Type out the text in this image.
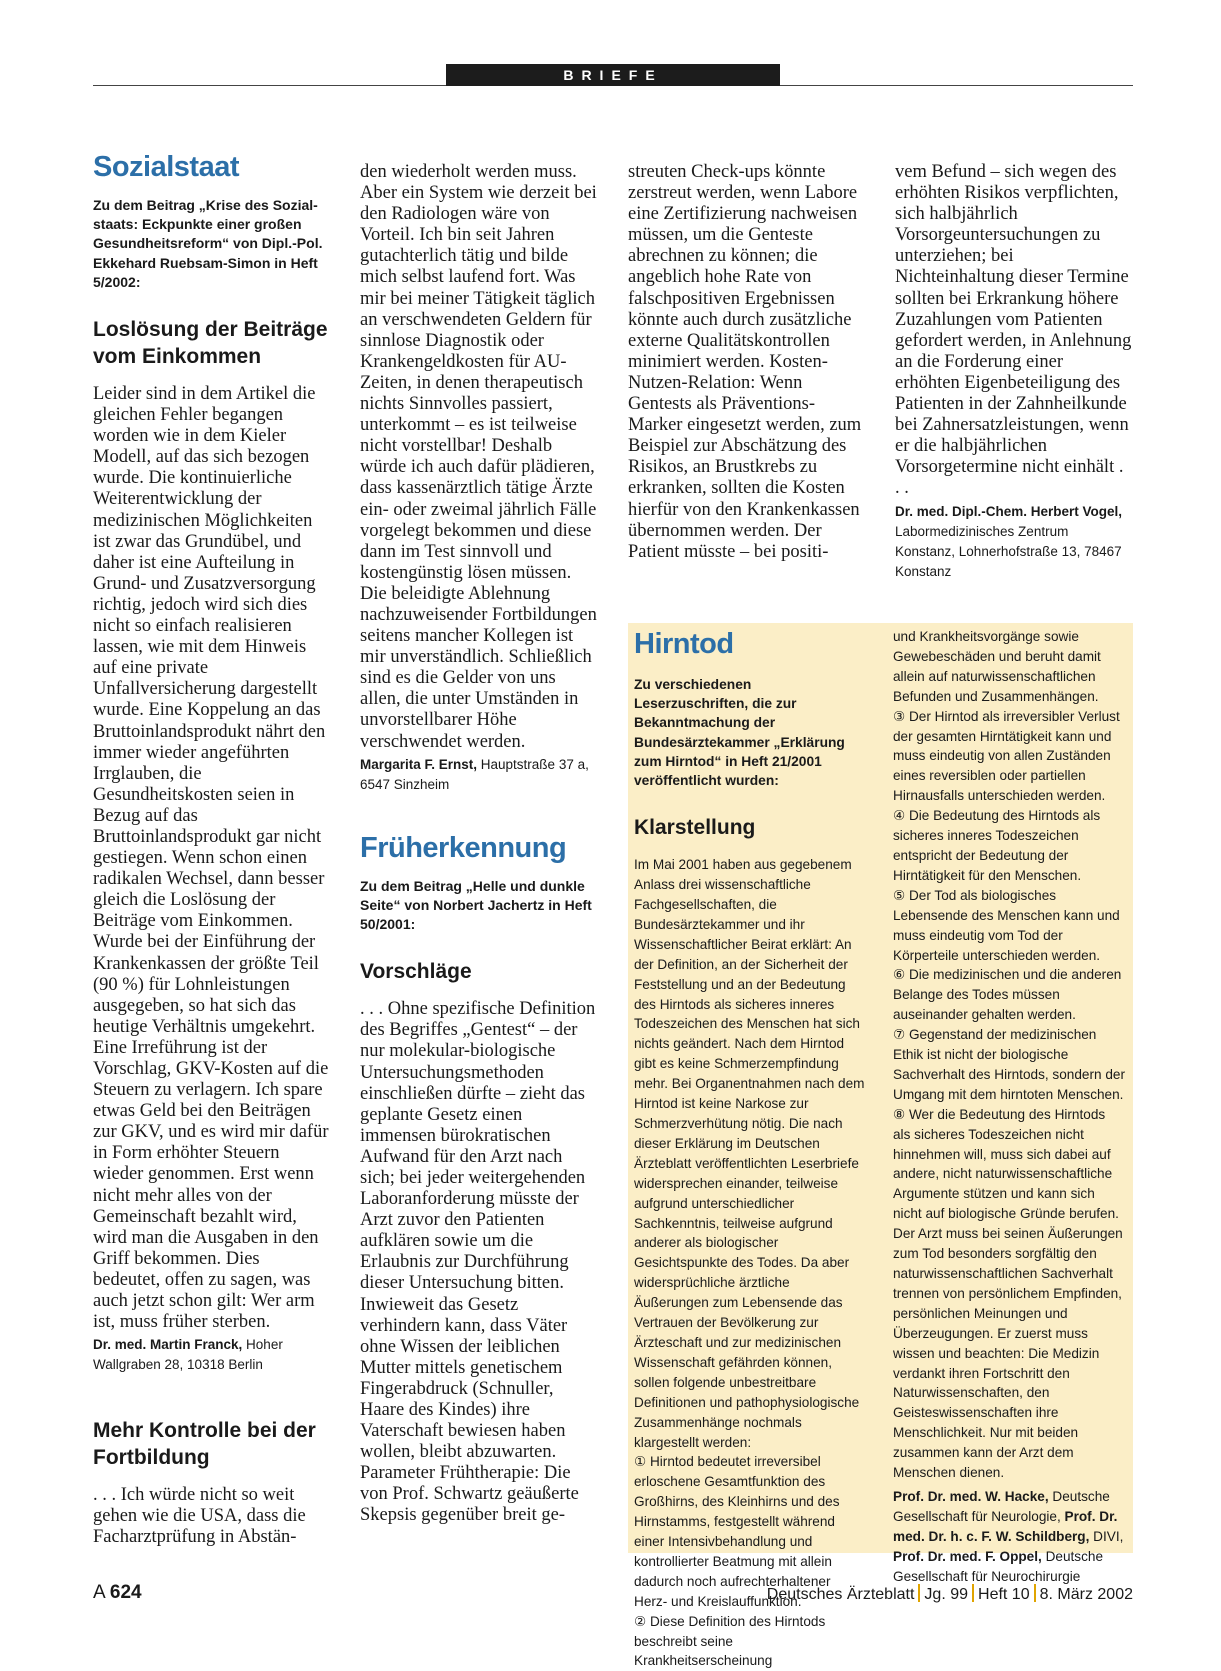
BRIEFE
Sozialstaat

Zu dem Beitrag „Krise des Sozialstaats: Eckpunkte einer großen Gesundheitsreform“ von Dipl.-Pol. Ekkehard Ruebsam-Simon in Heft 5/2002:

Loslösung der Beiträge vom Einkommen

Leider sind in dem Artikel die gleichen Fehler begangen worden wie in dem Kieler Modell, auf das sich bezogen wurde. Die kontinuierliche Weiterentwicklung der medizinischen Möglichkeiten ist zwar das Grundübel, und daher ist eine Aufteilung in Grund- und Zusatzversorgung richtig, jedoch wird sich dies nicht so einfach realisieren lassen, wie mit dem Hinweis auf eine private Unfallversicherung dargestellt wurde. Eine Koppelung an das Bruttoinlandsprodukt nährt den immer wieder angeführten Irrglauben, die Gesundheitskosten seien in Bezug auf das Bruttoinlandsprodukt gar nicht gestiegen. Wenn schon einen radikalen Wechsel, dann besser gleich die Loslösung der Beiträge vom Einkommen. Wurde bei der Einführung der Krankenkassen der größte Teil (90 %) für Lohnleistungen ausgegeben, so hat sich das heutige Verhältnis umgekehrt. Eine Irreführung ist der Vorschlag, GKV-Kosten auf die Steuern zu verlagern. Ich spare etwas Geld bei den Beiträgen zur GKV, und es wird mir dafür in Form erhöhter Steuern wieder genommen. Erst wenn nicht mehr alles von der Gemeinschaft bezahlt wird, wird man die Ausgaben in den Griff bekommen. Dies bedeutet, offen zu sagen, was auch jetzt schon gilt: Wer arm ist, muss früher sterben.

Dr. med. Martin Franck, Hoher Wallgraben 28, 10318 Berlin

Mehr Kontrolle bei der Fortbildung

. . . Ich würde nicht so weit gehen wie die USA, dass die Facharztprüfung in Abstän-

den wiederholt werden muss. Aber ein System wie derzeit bei den Radiologen wäre von Vorteil. Ich bin seit Jahren gutachterlich tätig und bilde mich selbst laufend fort. Was mir bei meiner Tätigkeit täglich an verschwendeten Geldern für sinnlose Diagnostik oder Krankengeldkosten für AU-Zeiten, in denen therapeutisch nichts Sinnvolles passiert, unterkommt – es ist teilweise nicht vorstellbar! Deshalb würde ich auch dafür plädieren, dass kassenärztlich tätige Ärzte ein- oder zweimal jährlich Fälle vorgelegt bekommen und diese dann im Test sinnvoll und kostengünstig lösen müssen. Die beleidigte Ablehnung nachzuweisender Fortbildungen seitens mancher Kollegen ist mir unverständlich. Schließlich sind es die Gelder von uns allen, die unter Umständen in unvorstellbarer Höhe verschwendet werden.

Margarita F. Ernst, Hauptstraße 37 a, 6547 Sinzheim

Früherkennung

Zu dem Beitrag „Helle und dunkle Seite“ von Norbert Jachertz in Heft 50/2001:

Vorschläge

. . . Ohne spezifische Definition des Begriffes „Gentest“ – der nur molekular-biologische Untersuchungsmethoden einschließen dürfte – zieht das geplante Gesetz einen immensen bürokratischen Aufwand für den Arzt nach sich; bei jeder weitergehenden Laboranforderung müsste der Arzt zuvor den Patienten aufklären sowie um die Erlaubnis zur Durchführung dieser Untersuchung bitten. Inwieweit das Gesetz verhindern kann, dass Väter ohne Wissen der leiblichen Mutter mittels genetischem Fingerabdruck (Schnuller, Haare des Kindes) ihre Vaterschaft bewiesen haben wollen, bleibt abzuwarten. Parameter Frühtherapie: Die von Prof. Schwartz geäußerte Skepsis gegenüber breit ge-

streuten Check-ups könnte zerstreut werden, wenn Labore eine Zertifizierung nachweisen müssen, um die Genteste abrechnen zu können; die angeblich hohe Rate von falschpositiven Ergebnissen könnte auch durch zusätzliche externe Qualitätskontrollen minimiert werden. Kosten-Nutzen-Relation: Wenn Gentests als Präventions-Marker eingesetzt werden, zum Beispiel zur Abschätzung des Risikos, an Brustkrebs zu erkranken, sollten die Kosten hierfür von den Krankenkassen übernommen werden. Der Patient müsste – bei positi-

vem Befund – sich wegen des erhöhten Risikos verpflichten, sich halbjährlich Vorsorgeuntersuchungen zu unterziehen; bei Nichteinhaltung dieser Termine sollten bei Erkrankung höhere Zuzahlungen vom Patienten gefordert werden, in Anlehnung an die Forderung einer erhöhten Eigenbeteiligung des Patienten in der Zahnheilkunde bei Zahnersatzleistungen, wenn er die halbjährlichen Vorsorgetermine nicht einhält . . .

Dr. med. Dipl.-Chem. Herbert Vogel, Labormedizinisches Zentrum Konstanz, Lohnerhofstraße 13, 78467 Konstanz

Hirntod

Zu verschiedenen Leserzuschriften, die zur Bekanntmachung der Bundesärztekammer „Erklärung zum Hirntod“ in Heft 21/2001 veröffentlicht wurden:

Klarstellung

Im Mai 2001 haben aus gegebenem Anlass drei wissenschaftliche Fachgesellschaften, die Bundesärztekammer und ihr Wissenschaftlicher Beirat erklärt: An der Definition, an der Sicherheit der Feststellung und an der Bedeutung des Hirntods als sicheres inneres Todeszeichen des Menschen hat sich nichts geändert. Nach dem Hirntod gibt es keine Schmerzempfindung mehr. Bei Organentnahmen nach dem Hirntod ist keine Narkose zur Schmerzverhütung nötig. Die nach dieser Erklärung im Deutschen Ärzteblatt veröffentlichten Leserbriefe widersprechen einander, teilweise aufgrund unterschiedlicher Sachkenntnis, teilweise aufgrund anderer als biologischer Gesichtspunkte des Todes. Da aber widersprüchliche ärztliche Äußerungen zum Lebensende das Vertrauen der Bevölkerung zur Ärzteschaft und zur medizinischen Wissenschaft gefährden können, sollen folgende unbestreitbare Definitionen und pathophysiologische Zusammenhänge nochmals klargestellt werden:

① Hirntod bedeutet irreversibel erloschene Gesamtfunktion des Großhirns, des Kleinhirns und des Hirnstamms, festgestellt während einer Intensivbehandlung und kontrollierter Beatmung mit allein dadurch noch aufrechterhaltener Herz- und Kreislauffunktion.

② Diese Definition des Hirntods beschreibt seine Krankheitserscheinung

und Krankheitsvorgänge sowie Gewebeschäden und beruht damit allein auf naturwissenschaftlichen Befunden und Zusammenhängen.

③ Der Hirntod als irreversibler Verlust der gesamten Hirntätigkeit kann und muss eindeutig von allen Zuständen eines reversiblen oder partiellen Hirnausfalls unterschieden werden.

④ Die Bedeutung des Hirntods als sicheres inneres Todeszeichen entspricht der Bedeutung der Hirntätigkeit für den Menschen.

⑤ Der Tod als biologisches Lebensende des Menschen kann und muss eindeutig vom Tod der Körperteile unterschieden werden.

⑥ Die medizinischen und die anderen Belange des Todes müssen auseinander gehalten werden.

⑦ Gegenstand der medizinischen Ethik ist nicht der biologische Sachverhalt des Hirntods, sondern der Umgang mit dem hirntoten Menschen.

⑧ Wer die Bedeutung des Hirntods als sicheres Todeszeichen nicht hinnehmen will, muss sich dabei auf andere, nicht naturwissenschaftliche Argumente stützen und kann sich nicht auf biologische Gründe berufen. Der Arzt muss bei seinen Äußerungen zum Tod besonders sorgfältig den naturwissenschaftlichen Sachverhalt trennen von persönlichem Empfinden, persönlichen Meinungen und Überzeugungen. Er zuerst muss wissen und beachten: Die Medizin verdankt ihren Fortschritt den Naturwissenschaften, den Geisteswissenschaften ihre Menschlichkeit. Nur mit beiden zusammen kann der Arzt dem Menschen dienen.

Prof. Dr. med. W. Hacke, Deutsche Gesellschaft für Neurologie, Prof. Dr. med. Dr. h. c. F. W. Schildberg, DIVI, Prof. Dr. med. F. Oppel, Deutsche Gesellschaft für Neurochirurgie

A 624	Deutsches Ärzteblatt Jg. 99 Heft 10 8. März 2002
